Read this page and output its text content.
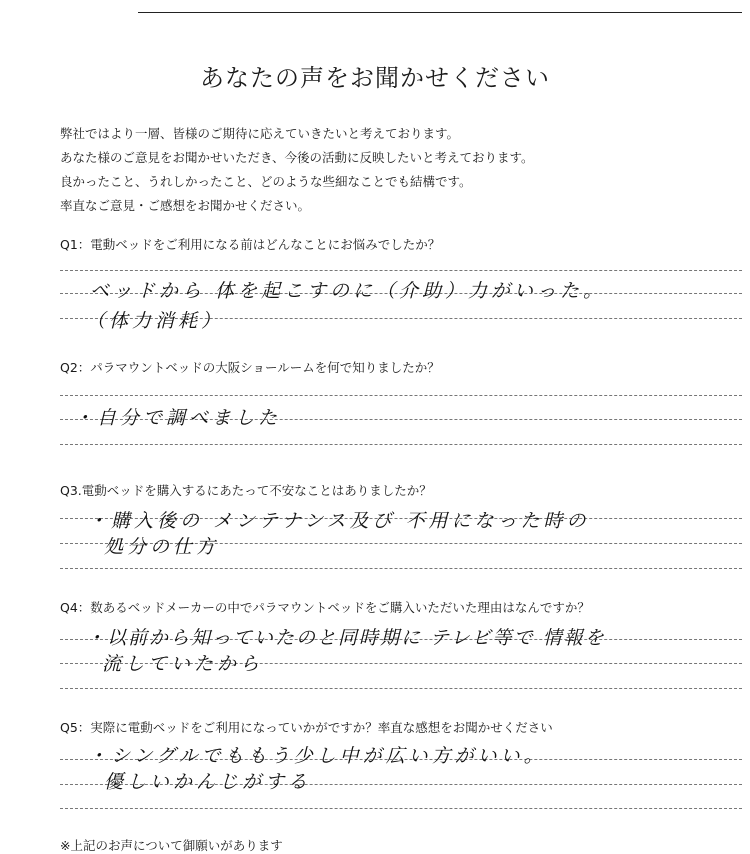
あなたの声をお聞かせください

弊社ではより一層、皆様のご期待に応えていきたいと考えております。

あなた様のご意見をお聞かせいただき、今後の活動に反映したいと考えております。

良かったこと、うれしかったこと、どのような些細なことでも結構です。

率直なご意見・ご感想をお聞かせください。

Q1：電動ベッドをご利用になる前はどんなことにお悩みでしたか？
ベッドから 体を起こすのに（介助）力がいった。
（体力消耗）
Q2：パラマウントベッドの大阪ショールームを何で知りましたか？
・自分で調べました
Q3.電動ベッドを購入するにあたって不安なことはありましたか？
・購入後の メンテナンス及び 不用になった時の
処分の仕方
Q4：数あるベッドメーカーの中でパラマウントベッドをご購入いただいた理由はなんですか？
・以前から知っていたのと同時期に テレビ等で 情報を
流していたから
Q5：実際に電動ベッドをご利用になっていかがですか？率直な感想をお聞かせください
・シングルでももう少し中が広い方がいい。
優しいかんじがする
※上記のお声について御願いがあります
